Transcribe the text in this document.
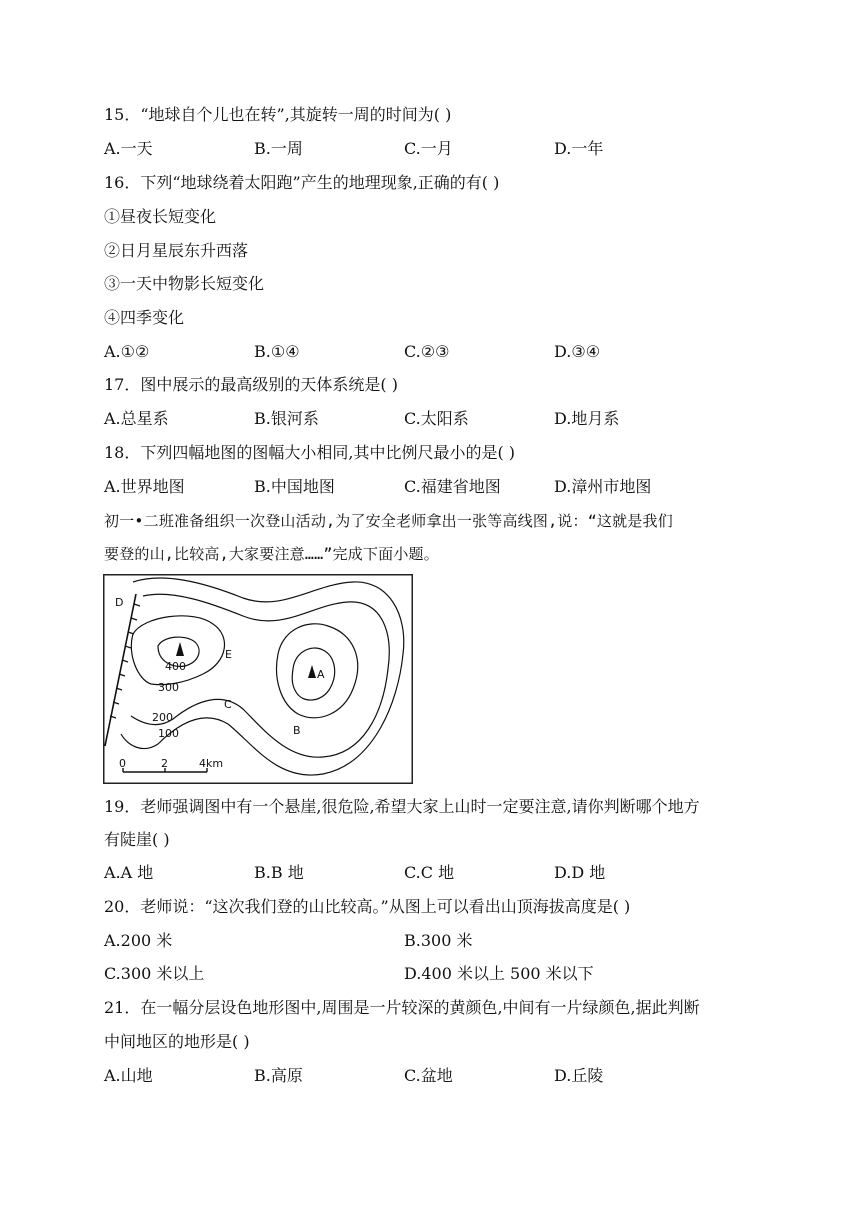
15．“地球自个儿也在转”,其旋转一周的时间为( )
A.一天	B.一周	C.一月	D.一年
16．下列“地球绕着太阳跑”产生的地理现象,正确的有( )
①昼夜长短变化
②日月星辰东升西落
③一天中物影长短变化
④四季变化
A.①②	B.①④	C.②③	D.③④
17．图中展示的最高级别的天体系统是( )
A.总星系	B.银河系	C.太阳系	D.地月系
18．下列四幅地图的图幅大小相同,其中比例尺最小的是( )
A.世界地图	B.中国地图	C.福建省地图	D.漳州市地图
初一•二班准备组织一次登山活动,为了安全老师拿出一张等高线图,说：“这就是我们
要登的山,比较高,大家要注意……”完成下面小题。
D
E
A
B
C
400
300
200
100
0	2	4km
19．老师强调图中有一个悬崖,很危险,希望大家上山时一定要注意,请你判断哪个地方
有陡崖( )
A.A 地	B.B 地	C.C 地	D.D 地
20．老师说：“这次我们登的山比较高。”从图上可以看出山顶海拔高度是( )
A.200 米	B.300 米
C.300 米以上	D.400 米以上 500 米以下
21．在一幅分层设色地形图中,周围是一片较深的黄颜色,中间有一片绿颜色,据此判断
中间地区的地形是( )
A.山地	B.高原	C.盆地	D.丘陵
